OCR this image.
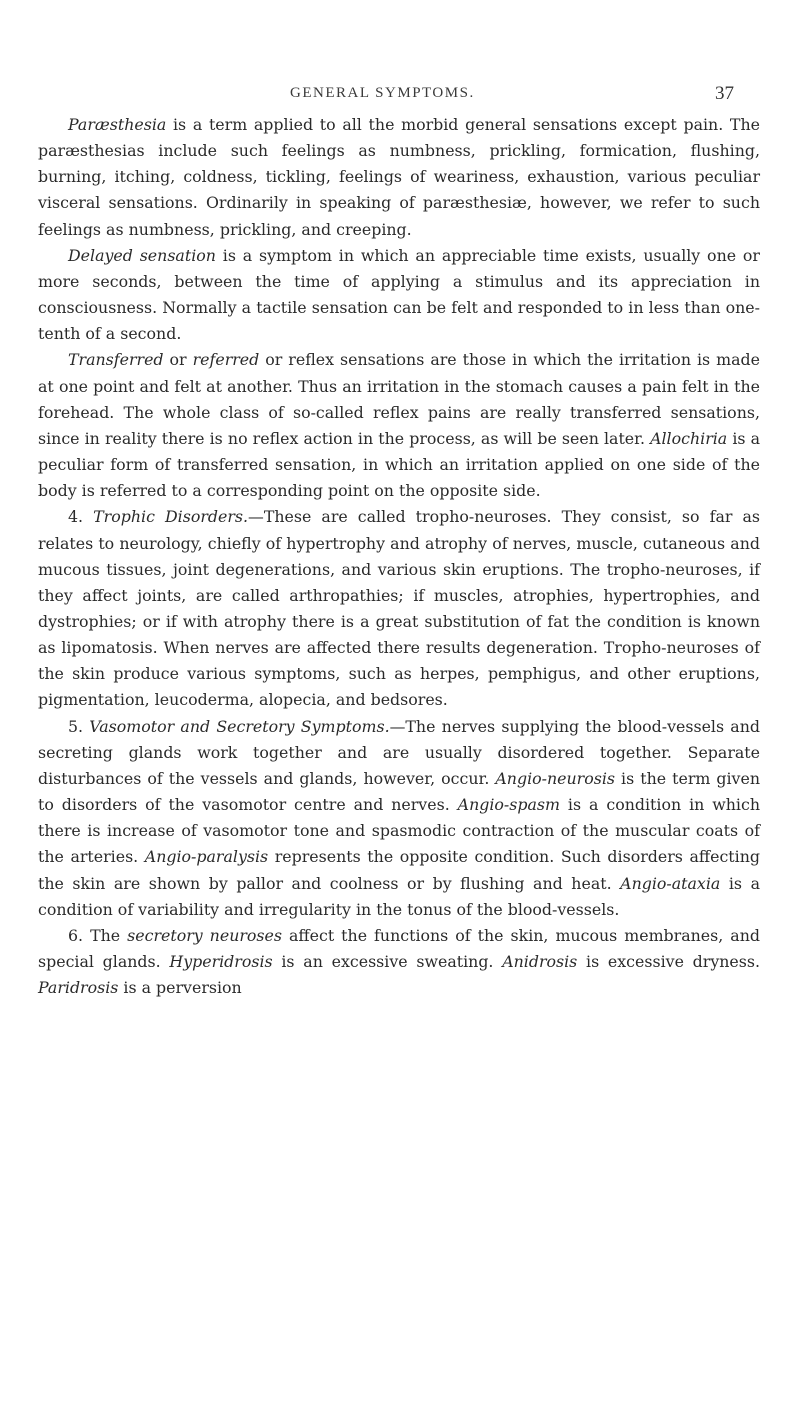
GENERAL SYMPTOMS.	37

Paræsthesia is a term applied to all the morbid general sensations except pain. The paræsthesias include such feelings as numbness, prickling, formication, flushing, burning, itching, coldness, tickling, feelings of weariness, exhaustion, various peculiar visceral sensations. Ordinarily in speaking of paræsthesiæ, however, we refer to such feelings as numbness, prickling, and creeping.

Delayed sensation is a symptom in which an appreciable time exists, usually one or more seconds, between the time of applying a stimulus and its appreciation in consciousness. Normally a tactile sensation can be felt and responded to in less than one-tenth of a second.

Transferred or referred or reflex sensations are those in which the irritation is made at one point and felt at another. Thus an irritation in the stomach causes a pain felt in the forehead. The whole class of so-called reflex pains are really transferred sensations, since in reality there is no reflex action in the process, as will be seen later. Allochiria is a peculiar form of transferred sensation, in which an irritation applied on one side of the body is referred to a corresponding point on the opposite side.

4. Trophic Disorders.—These are called tropho-neuroses. They consist, so far as relates to neurology, chiefly of hypertrophy and atrophy of nerves, muscle, cutaneous and mucous tissues, joint degenerations, and various skin eruptions. The tropho-neuroses, if they affect joints, are called arthropathies; if muscles, atrophies, hypertrophies, and dystrophies; or if with atrophy there is a great substitution of fat the condition is known as lipomatosis. When nerves are affected there results degeneration. Tropho-neuroses of the skin produce various symptoms, such as herpes, pemphigus, and other eruptions, pigmentation, leucoderma, alopecia, and bedsores.

5. Vasomotor and Secretory Symptoms.—The nerves supplying the blood-vessels and secreting glands work together and are usually disordered together. Separate disturbances of the vessels and glands, however, occur. Angio-neurosis is the term given to disorders of the vasomotor centre and nerves. Angio-spasm is a condition in which there is increase of vasomotor tone and spasmodic contraction of the muscular coats of the arteries. Angio-paralysis represents the opposite condition. Such disorders affecting the skin are shown by pallor and coolness or by flushing and heat. Angio-ataxia is a condition of variability and irregularity in the tonus of the blood-vessels.

6. The secretory neuroses affect the functions of the skin, mucous membranes, and special glands. Hyperidrosis is an excessive sweating. Anidrosis is excessive dryness. Paridrosis is a perversion
